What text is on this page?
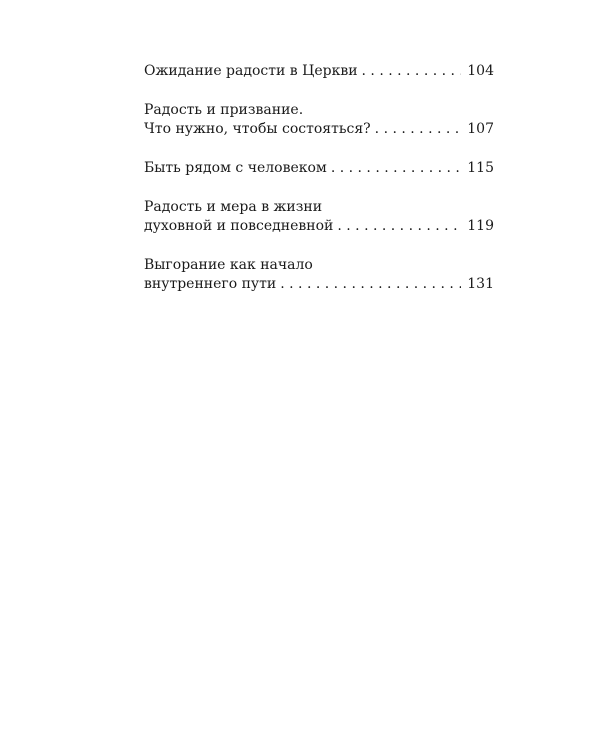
Ожидание радости в Церкви . . .	104
Радость и призвание.
Что нужно, чтобы состояться? . . .	107
Быть рядом с человеком . . .	115
Радость и мера в жизни
духовной и повседневной . . .	119
Выгорание как начало
внутреннего пути . . .	131
